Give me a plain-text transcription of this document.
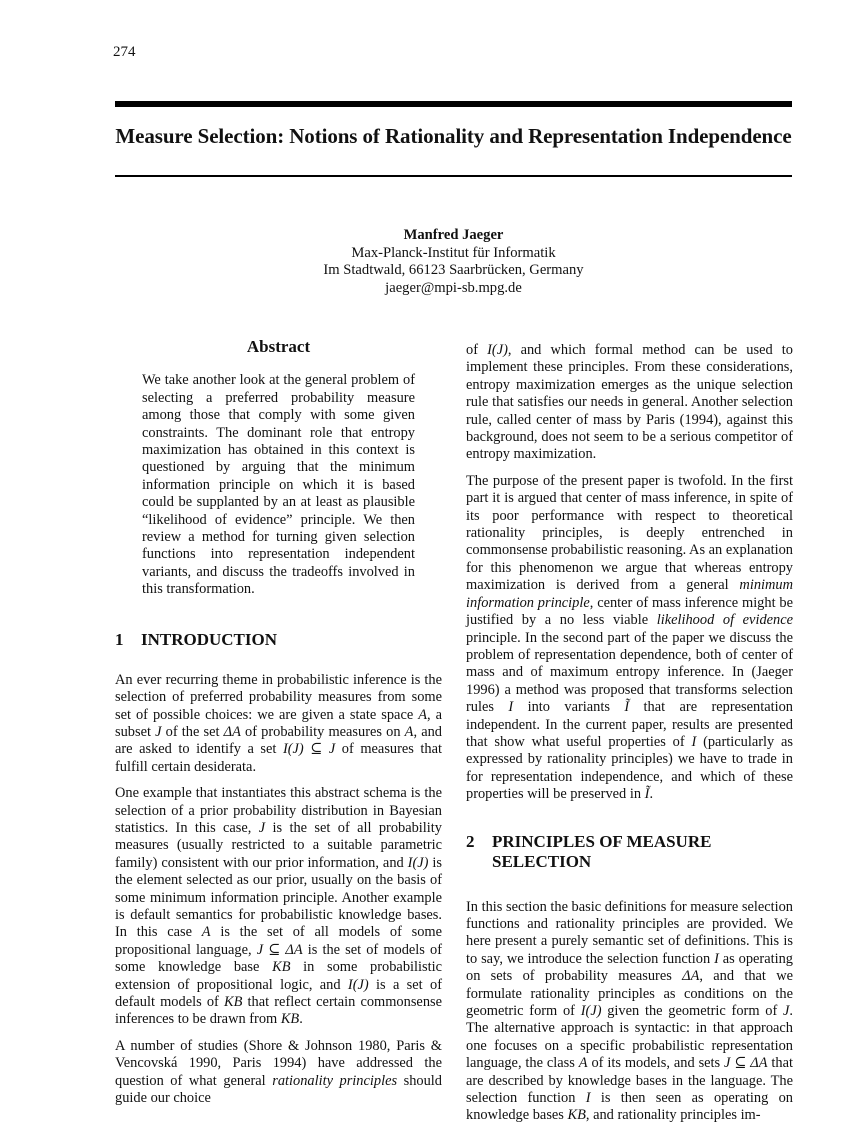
274
Measure Selection: Notions of Rationality and Representation Independence
Manfred Jaeger
Max-Planck-Institut für Informatik
Im Stadtwald, 66123 Saarbrücken, Germany
jaeger@mpi-sb.mpg.de
Abstract

We take another look at the general problem of selecting a preferred probability measure among those that comply with some given constraints. The dominant role that entropy maximization has obtained in this context is questioned by arguing that the minimum information principle on which it is based could be supplanted by an at least as plausible “likelihood of evidence” principle. We then review a method for turning given selection functions into representation independent variants, and discuss the tradeoffs involved in this transformation.

1	INTRODUCTION

An ever recurring theme in probabilistic inference is the selection of preferred probability measures from some set of possible choices: we are given a state space A, a subset J of the set ΔA of probability measures on A, and are asked to identify a set I(J) ⊆ J of measures that fulfill certain desiderata.

One example that instantiates this abstract schema is the selection of a prior probability distribution in Bayesian statistics. In this case, J is the set of all probability measures (usually restricted to a suitable parametric family) consistent with our prior information, and I(J) is the element selected as our prior, usually on the basis of some minimum information principle. Another example is default semantics for probabilistic knowledge bases. In this case A is the set of all models of some propositional language, J ⊆ ΔA is the set of models of some knowledge base KB in some probabilistic extension of propositional logic, and I(J) is a set of default models of KB that reflect certain commonsense inferences to be drawn from KB.

A number of studies (Shore & Johnson 1980, Paris & Vencovská 1990, Paris 1994) have addressed the question of what general rationality principles should guide our choice

of I(J), and which formal method can be used to implement these principles. From these considerations, entropy maximization emerges as the unique selection rule that satisfies our needs in general. Another selection rule, called center of mass by Paris (1994), against this background, does not seem to be a serious competitor of entropy maximization.

The purpose of the present paper is twofold. In the first part it is argued that center of mass inference, in spite of its poor performance with respect to theoretical rationality principles, is deeply entrenched in commonsense probabilistic reasoning. As an explanation for this phenomenon we argue that whereas entropy maximization is derived from a general minimum information principle, center of mass inference might be justified by a no less viable likelihood of evidence principle. In the second part of the paper we discuss the problem of representation dependence, both of center of mass and of maximum entropy inference. In (Jaeger 1996) a method was proposed that transforms selection rules I into variants Ĩ that are representation independent. In the current paper, results are presented that show what useful properties of I (particularly as expressed by rationality principles) we have to trade in for representation independence, and which of these properties will be preserved in Ĩ.

2	PRINCIPLES OF MEASURE
SELECTION

In this section the basic definitions for measure selection functions and rationality principles are provided. We here present a purely semantic set of definitions. This is to say, we introduce the selection function I as operating on sets of probability measures ΔA, and that we formulate rationality principles as conditions on the geometric form of I(J) given the geometric form of J. The alternative approach is syntactic: in that approach one focuses on a specific probabilistic representation language, the class A of its models, and sets J ⊆ ΔA that are described by knowledge bases in the language. The selection function I is then seen as operating on knowledge bases KB, and rationality principles im-
